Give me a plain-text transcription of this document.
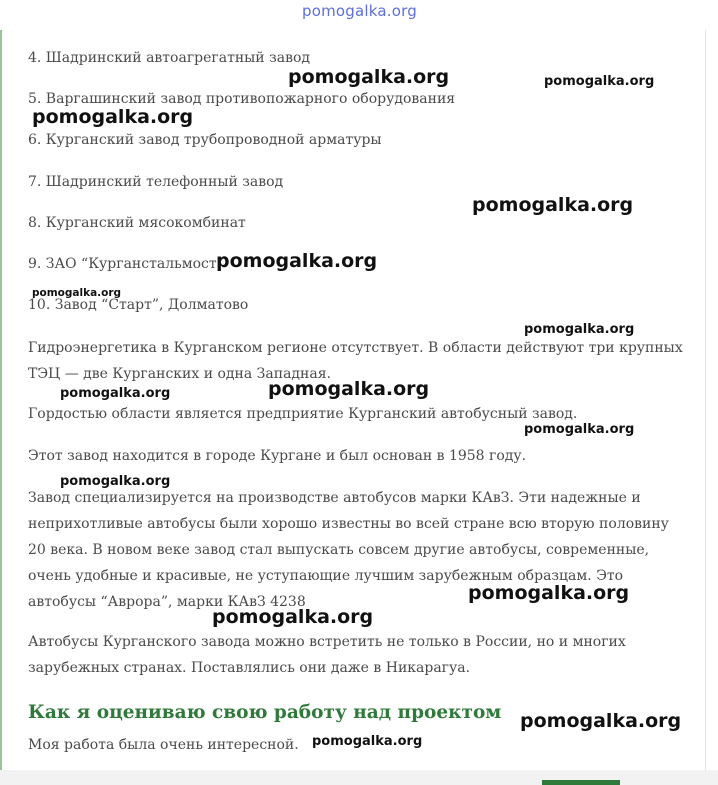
pomogalka.org

4. Шадринский автоагрегатный завод

5. Варгашинский завод противопожарного оборудования

6. Курганский завод трубопроводной арматуры

7. Шадринский телефонный завод

8. Курганский мясокомбинат

9. ЗАО “Курганстальмост”

10. Завод “Старт”, Долматово

Гидроэнергетика в Курганском регионе отсутствует. В области действуют три крупных ТЭЦ — две Курганских и одна Западная.

Гордостью области является предприятие Курганский автобусный завод.

Этот завод находится в городе Кургане и был основан в 1958 году.

Завод специализируется на производстве автобусов марки КАвЗ. Эти надежные и неприхотливые автобусы были хорошо известны во всей стране всю вторую половину 20 века. В новом веке завод стал выпускать совсем другие автобусы, современные, очень удобные и красивые, не уступающие лучшим зарубежным образцам. Это автобусы “Аврора”, марки КАвЗ 4238

Автобусы Курганского завода можно встретить не только в России, но и многих зарубежных странах. Поставлялись они даже в Никарагуа.

Как я оцениваю свою работу над проектом

Моя работа была очень интересной.

pomogalka.org	pomogalka.org
pomogalka.org
pomogalka.org
pomogalka.org
pomogalka.org
pomogalka.org
pomogalka.org
pomogalka.org
pomogalka.org
pomogalka.org
pomogalka.org
pomogalka.org
pomogalka.org
pomogalka.org
